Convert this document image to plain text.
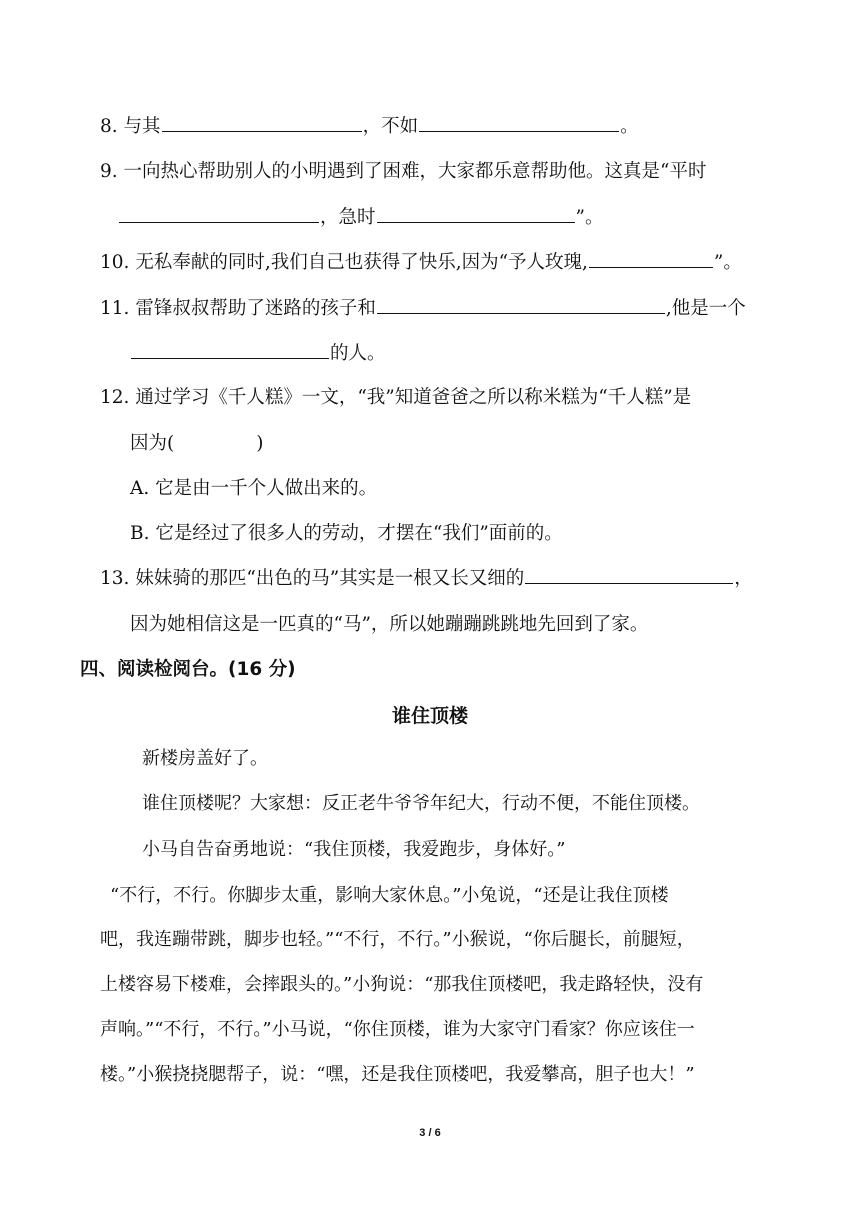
8. 与其	，不如	。
9. 一向热心帮助别人的小明遇到了困难，大家都乐意帮助他。这真是“平时
，急时	”。
10. 无私奉献的同时,我们自己也获得了快乐,因为“予人玫瑰,	”。
11. 雷锋叔叔帮助了迷路的孩子和	,他是一个
的人。
12. 通过学习《千人糕》一文，“我”知道爸爸之所以称米糕为“千人糕”是
因为(	)
A. 它是由一千个人做出来的。
B. 它是经过了很多人的劳动，才摆在“我们”面前的。
13. 妹妹骑的那匹“出色的马”其实是一根又长又细的	，
因为她相信这是一匹真的“马”，所以她蹦蹦跳跳地先回到了家。
四、阅读检阅台。(16 分)
谁住顶楼
新楼房盖好了。
谁住顶楼呢？大家想：反正老牛爷爷年纪大，行动不便，不能住顶楼。
小马自告奋勇地说：“我住顶楼，我爱跑步，身体好。”
“不行，不行。你脚步太重，影响大家休息。”小兔说，“还是让我住顶楼
吧，我连蹦带跳，脚步也轻。”“不行，不行。”小猴说，“你后腿长，前腿短，
上楼容易下楼难，会摔跟头的。”小狗说：“那我住顶楼吧，我走路轻快，没有
声响。”“不行，不行。”小马说，“你住顶楼，谁为大家守门看家？你应该住一
楼。”小猴挠挠腮帮子，说：“嘿，还是我住顶楼吧，我爱攀高，胆子也大！”
3 / 6
